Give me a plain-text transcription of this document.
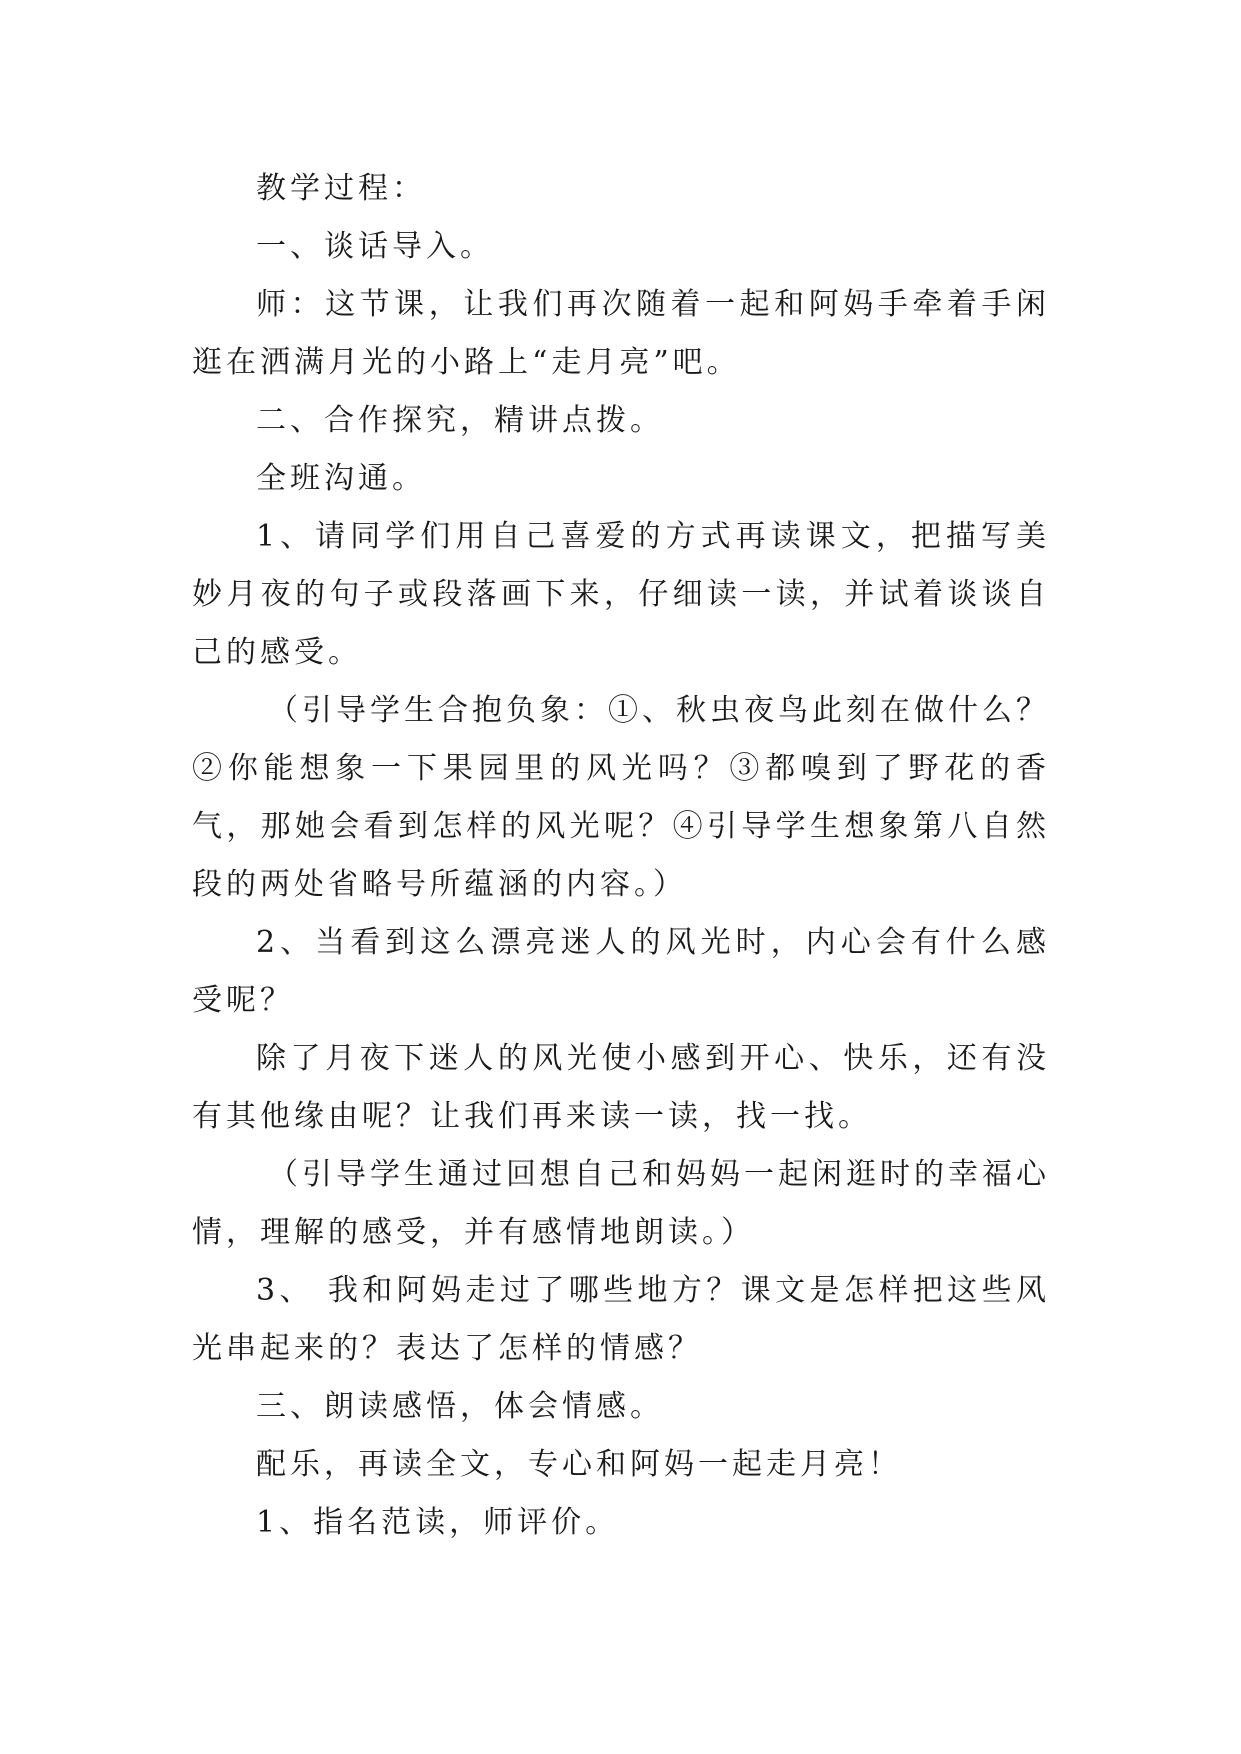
教学过程：

一、谈话导入。

师：这节课，让我们再次随着一起和阿妈手牵着手闲逛在洒满月光的小路上“走月亮”吧。

二、合作探究，精讲点拨。

全班沟通。

1、请同学们用自己喜爱的方式再读课文，把描写美妙月夜的句子或段落画下来，仔细读一读，并试着谈谈自己的感受。

（引导学生合抱负象：①、秋虫夜鸟此刻在做什么？②你能想象一下果园里的风光吗？③都嗅到了野花的香气，那她会看到怎样的风光呢？④引导学生想象第八自然段的两处省略号所蕴涵的内容。）

2、当看到这么漂亮迷人的风光时，内心会有什么感受呢？

除了月夜下迷人的风光使小感到开心、快乐，还有没有其他缘由呢？让我们再来读一读，找一找。

（引导学生通过回想自己和妈妈一起闲逛时的幸福心情，理解的感受，并有感情地朗读。）

3、 我和阿妈走过了哪些地方？课文是怎样把这些风光串起来的？表达了怎样的情感？

三、朗读感悟，体会情感。

配乐，再读全文，专心和阿妈一起走月亮！

1、指名范读，师评价。
